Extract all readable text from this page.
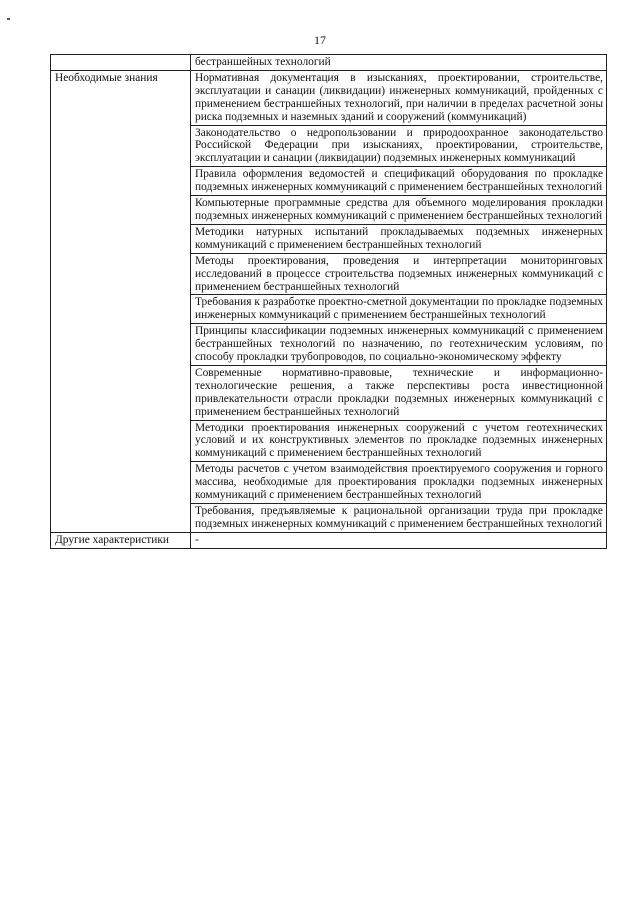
17
	бестраншейных технологий
Необходимые знания	Нормативная документация в изысканиях, проектировании, строительстве, эксплуатации и санации (ликвидации) инженерных коммуникаций, пройденных с применением бестраншейных технологий, при наличии в пределах расчетной зоны риска подземных и наземных зданий и сооружений (коммуникаций)
	Законодательство о недропользовании и природоохранное законодательство Российской Федерации при изысканиях, проектировании, строительстве, эксплуатации и санации (ликвидации) подземных инженерных коммуникаций
	Правила оформления ведомостей и спецификаций оборудования по прокладке подземных инженерных коммуникаций с применением бестраншейных технологий
	Компьютерные программные средства для объемного моделирования прокладки подземных инженерных коммуникаций с применением бестраншейных технологий
	Методики натурных испытаний прокладываемых подземных инженерных коммуникаций с применением бестраншейных технологий
	Методы проектирования, проведения и интерпретации мониторинговых исследований в процессе строительства подземных инженерных коммуникаций с применением бестраншейных технологий
	Требования к разработке проектно-сметной документации по прокладке подземных инженерных коммуникаций с применением бестраншейных технологий
	Принципы классификации подземных инженерных коммуникаций с применением бестраншейных технологий по назначению, по геотехническим условиям, по способу прокладки трубопроводов, по социально-экономическому эффекту
	Современные нормативно-правовые, технические и информационно-технологические решения, а также перспективы роста инвестиционной привлекательности отрасли прокладки подземных инженерных коммуникаций с применением бестраншейных технологий
	Методики проектирования инженерных сооружений с учетом геотехнических условий и их конструктивных элементов по прокладке подземных инженерных коммуникаций с применением бестраншейных технологий
	Методы расчетов с учетом взаимодействия проектируемого сооружения и горного массива, необходимые для проектирования прокладки подземных инженерных коммуникаций с применением бестраншейных технологий
	Требования, предъявляемые к рациональной организации труда при прокладке подземных инженерных коммуникаций с применением бестраншейных технологий
Другие характеристики	-
